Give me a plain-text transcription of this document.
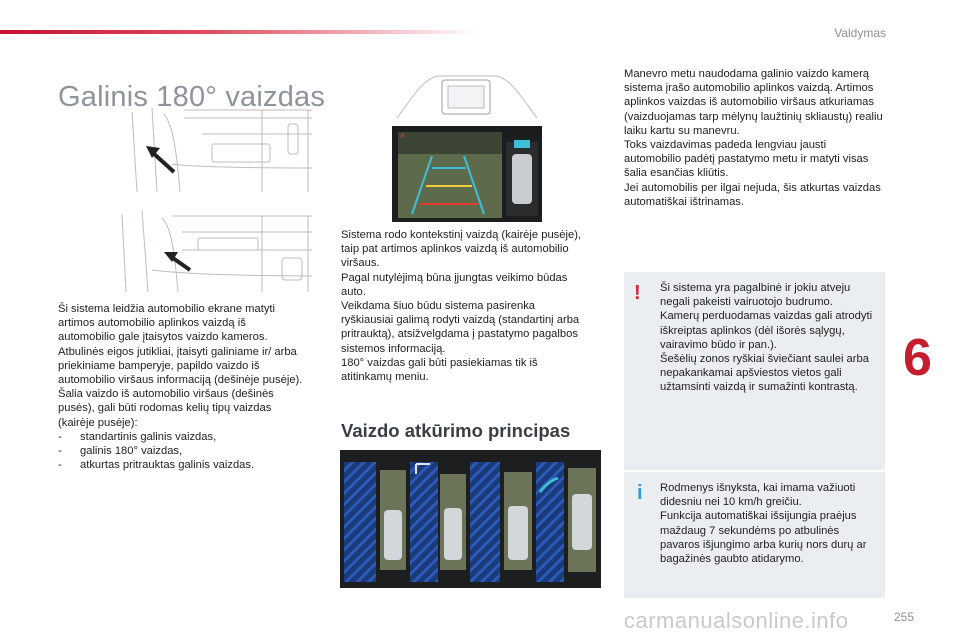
Valdymas
Galinis 180° vaizdas
6
x

Ši sistema leidžia automobilio ekrane matyti artimos automobilio aplinkos vaizdą iš automobilio gale įtaisytos vaizdo kameros.

Atbulinės eigos jutikliai, įtaisyti galiniame ir/ arba priekiniame bamperyje, papildo vaizdo iš automobilio viršaus informaciją (dešinėje pusėje).

Šalia vaizdo iš automobilio viršaus (dešinės pusės), gali būti rodomas kelių tipų vaizdas (kairėje pusėje):

- standartinis galinis vaizdas,
- galinis 180° vaizdas,
- atkurtas pritrauktas galinis vaizdas.

Sistema rodo kontekstinį vaizdą (kairėje pusėje), taip pat artimos aplinkos vaizdą iš automobilio viršaus.

Pagal nutylėjimą būna įjungtas veikimo būdas auto.

Veikdama šiuo būdu sistema pasirenka ryškiausiai galimą rodyti vaizdą (standartinį arba pritrauktą), atsižvelgdama į pastatymo pagalbos sistemos informaciją.

180° vaizdas gali būti pasiekiamas tik iš atitinkamų meniu.

Vaizdo atkūrimo principas

Manevro metu naudodama galinio vaizdo kamerą sistema įrašo automobilio aplinkos vaizdą. Artimos aplinkos vaizdas iš automobilio viršaus atkuriamas (vaizduojamas tarp mėlynų laužtinių skliaustų) realiu laiku kartu su manevru.

Toks vaizdavimas padeda lengviau jausti automobilio padėtį pastatymo metu ir matyti visas šalia esančias kliūtis.

Jei automobilis per ilgai nejuda, šis atkurtas vaizdas automatiškai ištrinamas.

! Ši sistema yra pagalbinė ir jokiu atveju negali pakeisti vairuotojo budrumo.

Kamerų perduodamas vaizdas gali atrodyti iškreiptas aplinkos (dėl išorės sąlygų, vairavimo būdo ir pan.).

Šešėlių zonos ryškiai šviečiant saulei arba nepakankamai apšviestos vietos gali užtamsinti vaizdą ir sumažinti kontrastą.

i Rodmenys išnyksta, kai imama važiuoti didesniu nei 10 km/h greičiu.

Funkcija automatiškai išsijungia praėjus maždaug 7 sekundėms po atbulinės pavaros išjungimo arba kurių nors durų ar bagažinės gaubto atidarymo.

carmanualsonline.info	255
